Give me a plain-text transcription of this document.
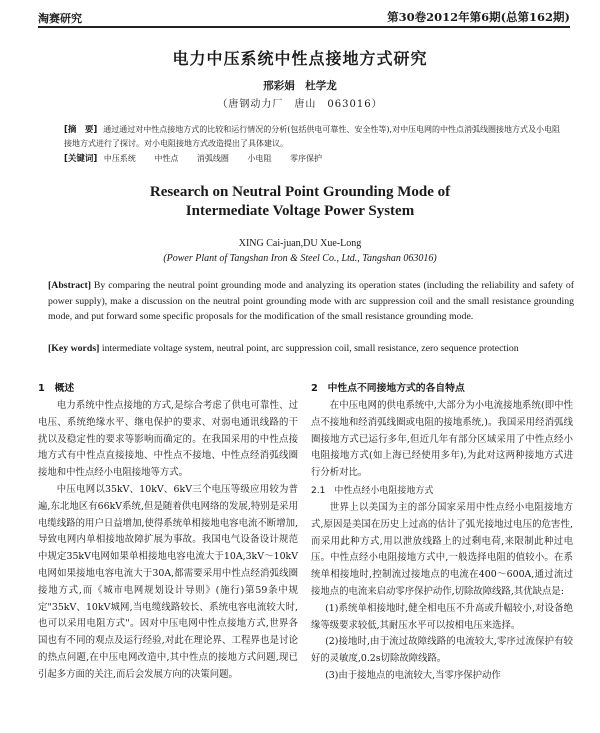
淘赛研究	第30卷2012年第6期(总第162期)
电力中压系统中性点接地方式研究
邢彩娟　杜学龙
（唐钢动力厂　唐山　063016）
[摘　要] 通过通过对中性点接地方式的比较和运行情况的分析(包括供电可靠性、安全性等),对中压电网的中性点消弧线圈接地方式及小电阻接地方式进行了探讨。对小电阻接地方式改造提出了具体建议。
[关键词] 中压系统 中性点 消弧线圈 小电阻 零序保护
Research on Neutral Point Grounding Mode of
Intermediate Voltage Power System
XING Cai-juan,DU Xue-Long
(Power Plant of Tangshan Iron & Steel Co., Ltd., Tangshan 063016)
[Abstract] By comparing the neutral point grounding mode and analyzing its operation states (including the reliability and safety of power supply), make a discussion on the neutral point grounding mode with arc suppression coil and the small resistance grounding mode, and put forward some specific proposals for the modification of the small resistance grounding mode.
[Key words] intermediate voltage system, neutral point, arc suppression coil, small resistance, zero sequence protection
1　概述

电力系统中性点接地的方式,是综合考虑了供电可靠性、过电压、系统绝缘水平、继电保护的要求、对弱电通讯线路的干扰以及稳定性的要求等影响而确定的。在我国采用的中性点接地方式有中性点直接接地、中性点不接地、中性点经消弧线圈接地和中性点经小电阻接地等方式。

中压电网以35kV、10kV、6kV三个电压等级应用较为普遍,东北地区有66kV系统,但是随着供电网络的发展,特别是采用电缆线路的用户日益增加,使得系统单相接地电容电流不断增加,导致电网内单相接地故障扩展为事故。我国电气设备设计规范中规定35kV电网如果单相接地电容电流大于10A,3kV～10kV电网如果接地电容电流大于30A,都需要采用中性点经消弧线圈接地方式,而《城市电网规划设计导则》(施行)第59条中规定"35kV、10kV城网,当电缆线路较长、系统电容电流较大时,也可以采用电阻方式"。因对中压电网中性点接地方式,世界各国也有不同的观点及运行经验,对此在理论界、工程界也是讨论的热点问题,在中压电网改造中,其中性点的接地方式问题,现已引起多方面的关注,而后会发展方向的决策问题。

2　中性点不同接地方式的各自特点

在中压电网的供电系统中,大部分为小电流接地系统(即中性点不接地和经消弧线圈或电阻的接地系统,)。我国采用经消弧线圈接地方式已运行多年,但近几年有部分区域采用了中性点经小电阻接地方式(如上海已经使用多年),为此对这两种接地方式进行分析对比。

2.1　中性点经小电阻接地方式

世界上以美国为主的部分国家采用中性点经小电阻接地方式,原因是美国在历史上过高的估计了弧光接地过电压的危害性,而采用此种方式,用以泄放线路上的过剩电荷,来限制此种过电压。中性点经小电阻接地方式中,一般选择电阻的值较小。在系统单相接地时,控制流过接地点的电流在400～600A,通过流过接地点的电流来启动零序保护动作,切除故障线路,其优缺点是:

(1)系统单相接地时,健全相电压不升高或升幅较小,对设备绝缘等级要求较低,其耐压水平可以按相电压来选择。

(2)接地时,由于流过故障线路的电流较大,零序过流保护有较好的灵敏度,0.2s切除故障线路。

(3)由于接地点的电流较大,当零序保护动作
